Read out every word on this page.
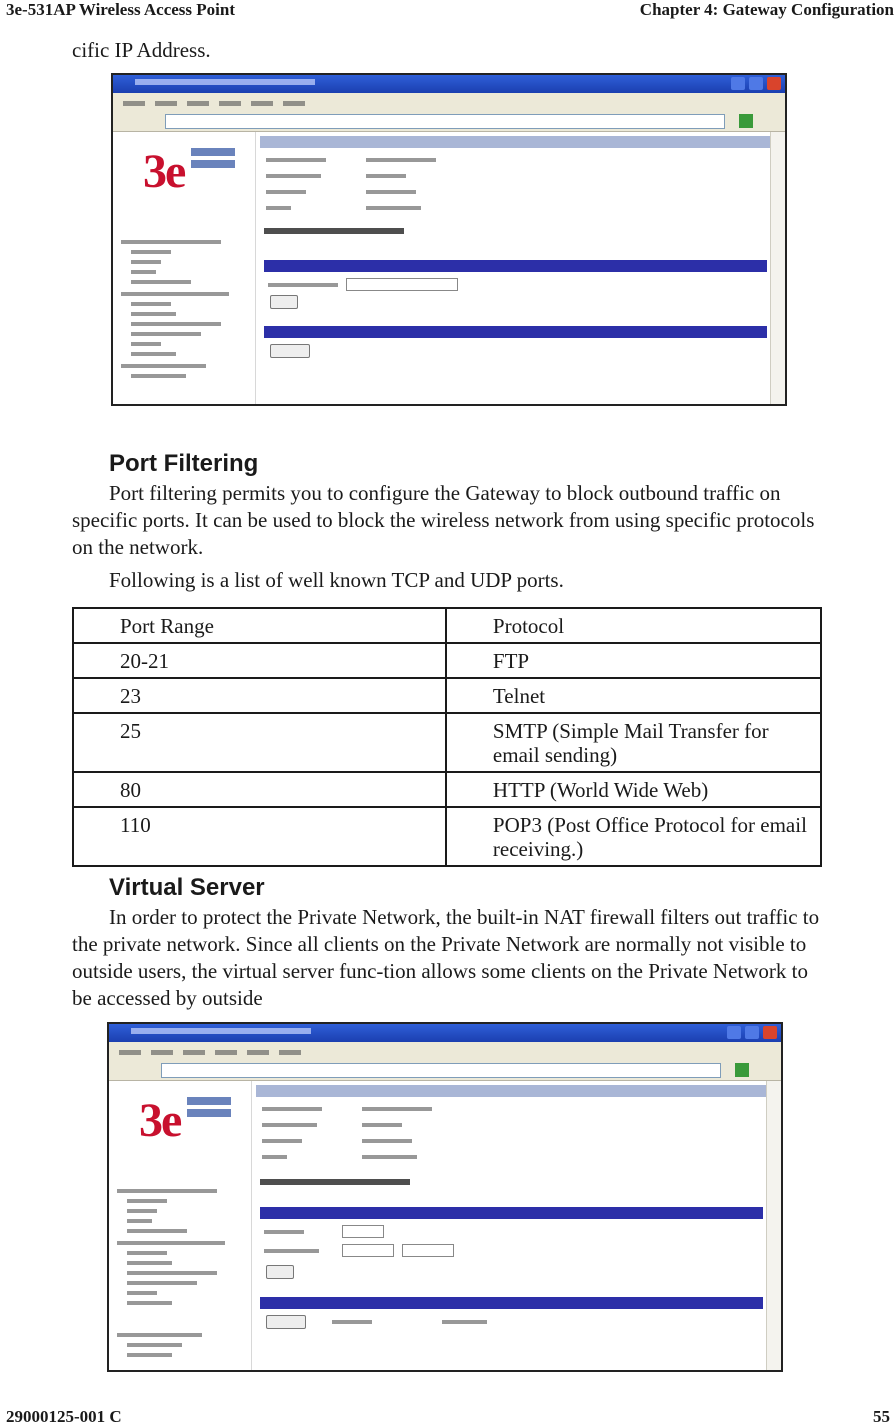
3e-531AP Wireless Access Point	Chapter 4: Gateway Configuration
cific IP Address.
3e
Port Filtering
Port filtering permits you to configure the Gateway to block outbound traffic on specific ports. It can be used to block the wireless network from using specific protocols on the network.
Following is a list of well known TCP and UDP ports.
Port Range	Protocol
20-21	FTP
23	Telnet
25	SMTP (Simple Mail Transfer for email sending)
80	HTTP (World Wide Web)
110	POP3 (Post Office Protocol for email receiving.)
Virtual Server
In order to protect the Private Network, the built-in NAT firewall filters out traffic to the private network. Since all clients on the Private Network are normally not visible to outside users, the virtual server func-tion allows some clients on the Private Network to be accessed by outside
3e
29000125-001 C	55
